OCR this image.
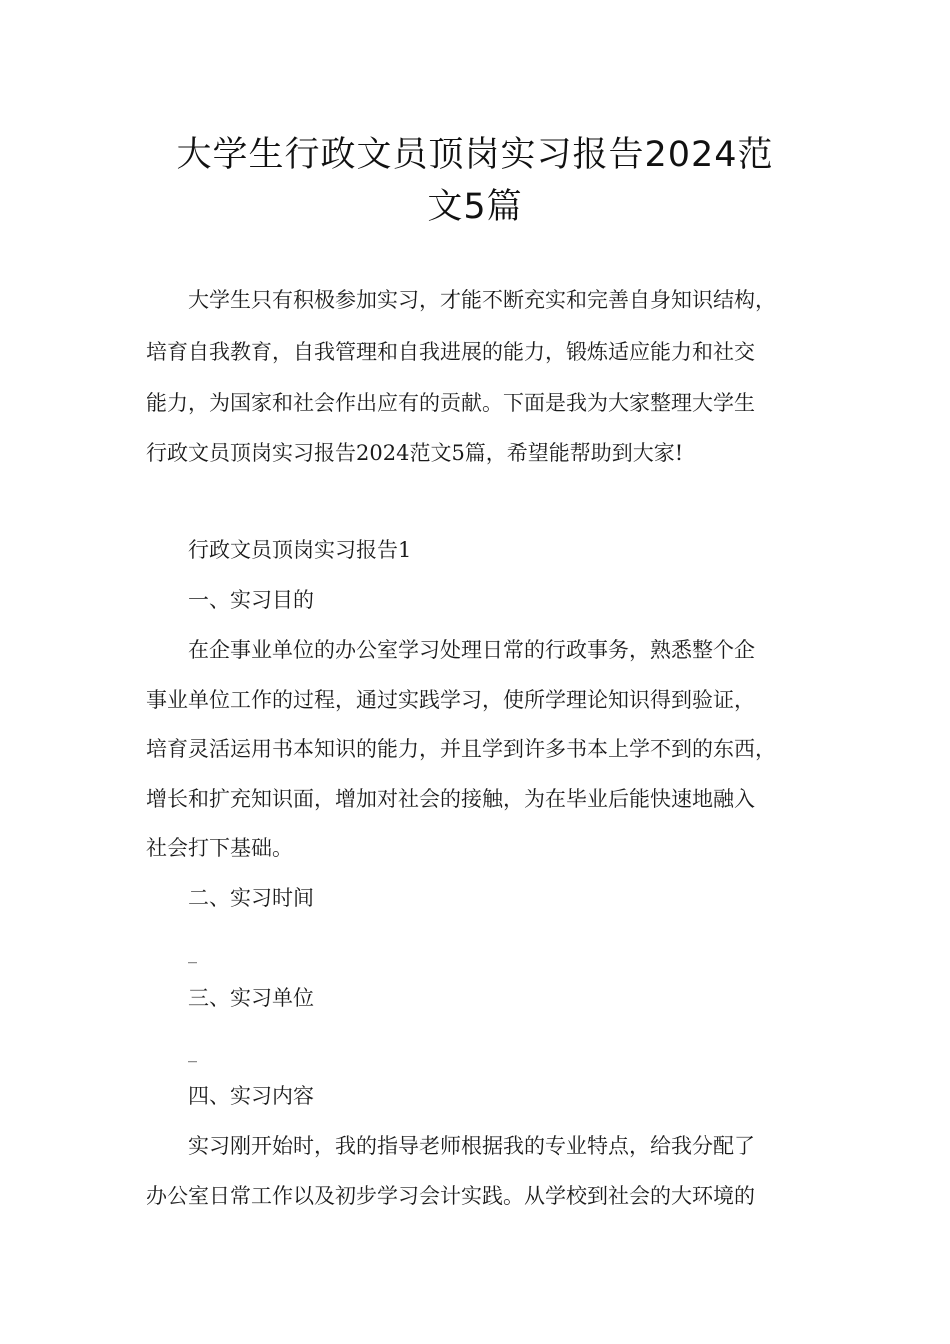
大学生行政文员顶岗实习报告2024范
文5篇

大学生只有积极参加实习，才能不断充实和完善自身知识结构，

培育自我教育，自我管理和自我进展的能力，锻炼适应能力和社交

能力，为国家和社会作出应有的贡献。下面是我为大家整理大学生

行政文员顶岗实习报告2024范文5篇，希望能帮助到大家!

行政文员顶岗实习报告1

一、实习目的

在企事业单位的办公室学习处理日常的行政事务，熟悉整个企

事业单位工作的过程，通过实践学习，使所学理论知识得到验证，

培育灵活运用书本知识的能力，并且学到许多书本上学不到的东西，

增长和扩充知识面，增加对社会的接触，为在毕业后能快速地融入

社会打下基础。

二、实习时间

_

三、实习单位

_

四、实习内容

实习刚开始时，我的指导老师根据我的专业特点，给我分配了

办公室日常工作以及初步学习会计实践。从学校到社会的大环境的
